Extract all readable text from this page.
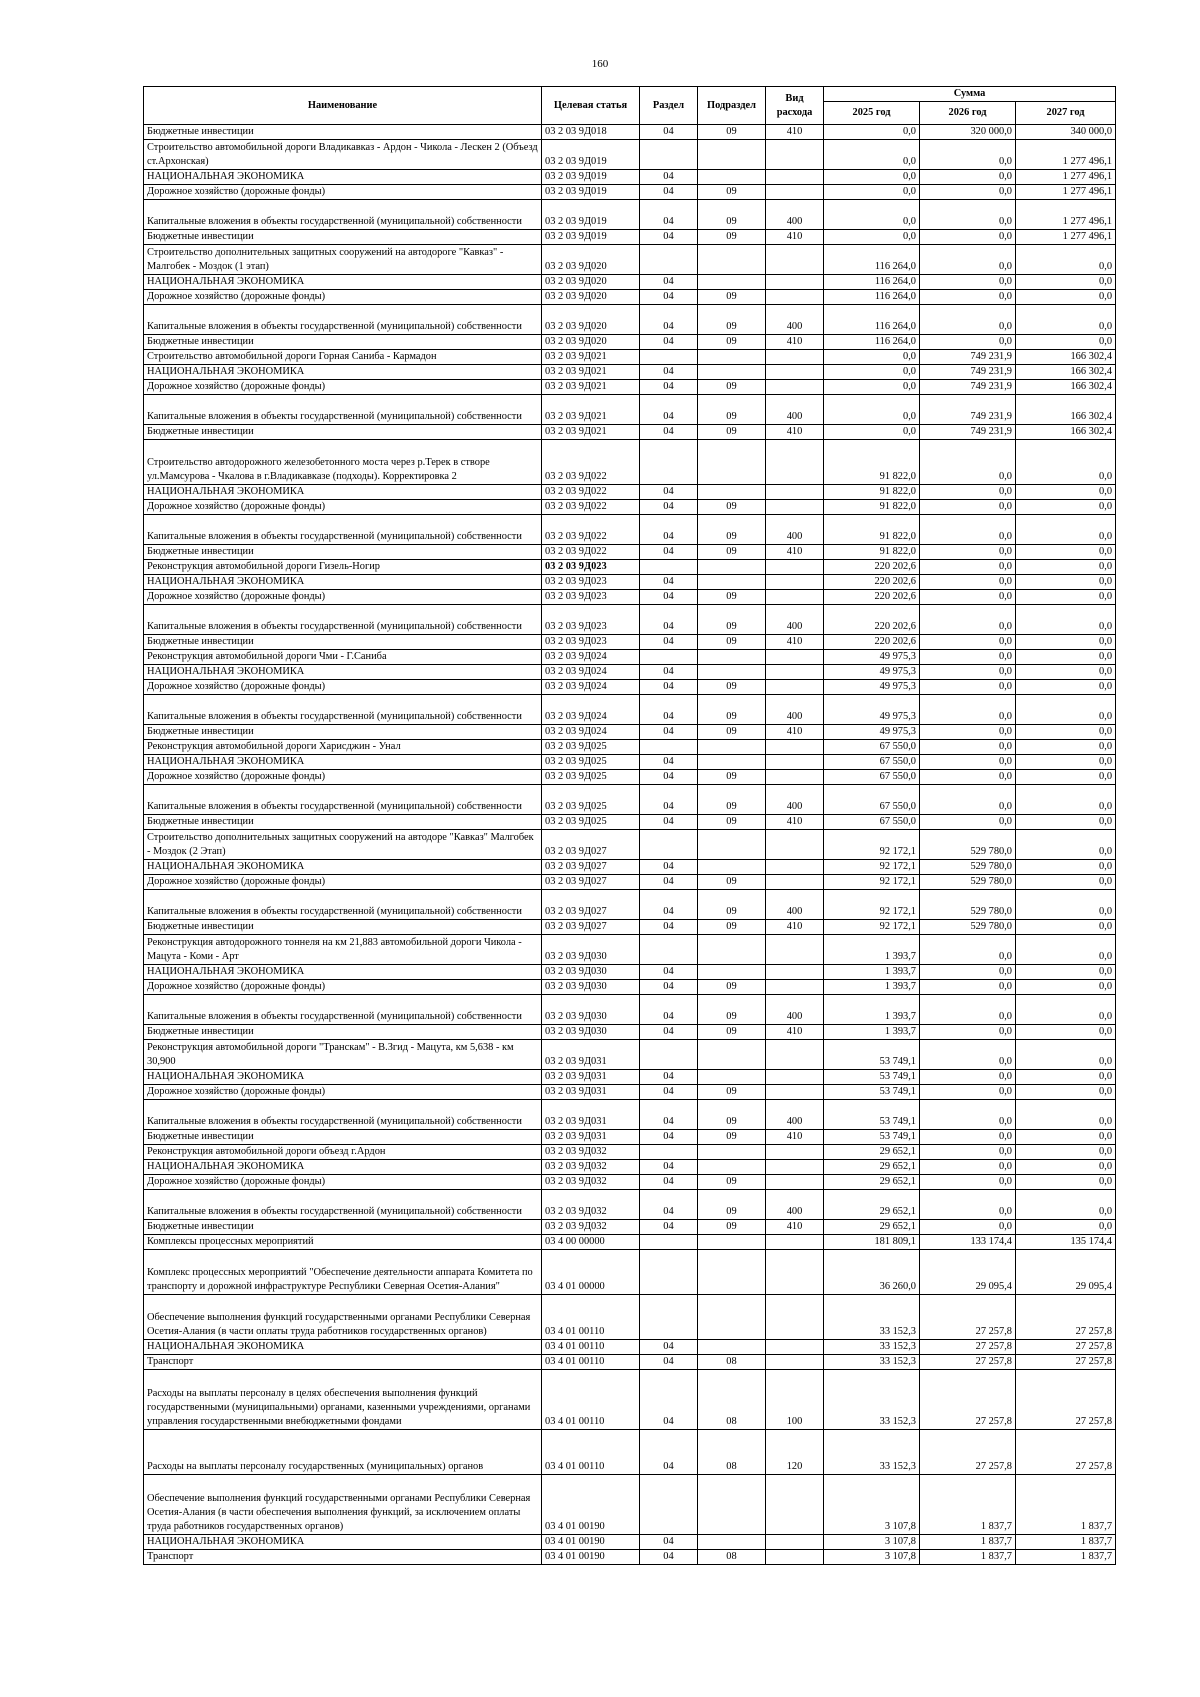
160
Наименование	Целевая статья	Раздел	Подраздел	Вид расхода	Сумма		
					2025 год	2026 год	2027 год
Бюджетные инвестиции	03 2 03 9Д018	04	09	410	0,0	320 000,0	340 000,0
Строительство автомобильной дороги Владикавказ - Ардон - Чикола - Лескен 2 (Объезд ст.Архонская)	03 2 03 9Д019				0,0	0,0	1 277 496,1
НАЦИОНАЛЬНАЯ ЭКОНОМИКА	03 2 03 9Д019	04			0,0	0,0	1 277 496,1
Дорожное хозяйство (дорожные фонды)	03 2 03 9Д019	04	09		0,0	0,0	1 277 496,1
Капитальные вложения в объекты государственной (муниципальной) собственности	03 2 03 9Д019	04	09	400	0,0	0,0	1 277 496,1
Бюджетные инвестиции	03 2 03 9Д019	04	09	410	0,0	0,0	1 277 496,1
Строительство дополнительных защитных сооружений на автодороге "Кавказ" - Малгобек - Моздок (1 этап)	03 2 03 9Д020				116 264,0	0,0	0,0
НАЦИОНАЛЬНАЯ ЭКОНОМИКА	03 2 03 9Д020	04			116 264,0	0,0	0,0
Дорожное хозяйство (дорожные фонды)	03 2 03 9Д020	04	09		116 264,0	0,0	0,0
Капитальные вложения в объекты государственной (муниципальной) собственности	03 2 03 9Д020	04	09	400	116 264,0	0,0	0,0
Бюджетные инвестиции	03 2 03 9Д020	04	09	410	116 264,0	0,0	0,0
Строительство автомобильной дороги Горная Саниба - Кармадон	03 2 03 9Д021				0,0	749 231,9	166 302,4
НАЦИОНАЛЬНАЯ ЭКОНОМИКА	03 2 03 9Д021	04			0,0	749 231,9	166 302,4
Дорожное хозяйство (дорожные фонды)	03 2 03 9Д021	04	09		0,0	749 231,9	166 302,4
Капитальные вложения в объекты государственной (муниципальной) собственности	03 2 03 9Д021	04	09	400	0,0	749 231,9	166 302,4
Бюджетные инвестиции	03 2 03 9Д021	04	09	410	0,0	749 231,9	166 302,4
Строительство автодорожного железобетонного моста через р.Терек в створе ул.Мамсурова - Чкалова в г.Владикавказе (подходы). Корректировка 2	03 2 03 9Д022				91 822,0	0,0	0,0
НАЦИОНАЛЬНАЯ ЭКОНОМИКА	03 2 03 9Д022	04			91 822,0	0,0	0,0
Дорожное хозяйство (дорожные фонды)	03 2 03 9Д022	04	09		91 822,0	0,0	0,0
Капитальные вложения в объекты государственной (муниципальной) собственности	03 2 03 9Д022	04	09	400	91 822,0	0,0	0,0
Бюджетные инвестиции	03 2 03 9Д022	04	09	410	91 822,0	0,0	0,0
Реконструкция автомобильной дороги Гизель-Ногир	03 2 03 9Д023				220 202,6	0,0	0,0
НАЦИОНАЛЬНАЯ ЭКОНОМИКА	03 2 03 9Д023	04			220 202,6	0,0	0,0
Дорожное хозяйство (дорожные фонды)	03 2 03 9Д023	04	09		220 202,6	0,0	0,0
Капитальные вложения в объекты государственной (муниципальной) собственности	03 2 03 9Д023	04	09	400	220 202,6	0,0	0,0
Бюджетные инвестиции	03 2 03 9Д023	04	09	410	220 202,6	0,0	0,0
Реконструкция автомобильной дороги Чми - Г.Саниба	03 2 03 9Д024				49 975,3	0,0	0,0
НАЦИОНАЛЬНАЯ ЭКОНОМИКА	03 2 03 9Д024	04			49 975,3	0,0	0,0
Дорожное хозяйство (дорожные фонды)	03 2 03 9Д024	04	09		49 975,3	0,0	0,0
Капитальные вложения в объекты государственной (муниципальной) собственности	03 2 03 9Д024	04	09	400	49 975,3	0,0	0,0
Бюджетные инвестиции	03 2 03 9Д024	04	09	410	49 975,3	0,0	0,0
Реконструкция автомобильной дороги Харисджин - Унал	03 2 03 9Д025				67 550,0	0,0	0,0
НАЦИОНАЛЬНАЯ ЭКОНОМИКА	03 2 03 9Д025	04			67 550,0	0,0	0,0
Дорожное хозяйство (дорожные фонды)	03 2 03 9Д025	04	09		67 550,0	0,0	0,0
Капитальные вложения в объекты государственной (муниципальной) собственности	03 2 03 9Д025	04	09	400	67 550,0	0,0	0,0
Бюджетные инвестиции	03 2 03 9Д025	04	09	410	67 550,0	0,0	0,0
Строительство дополнительных защитных сооружений на автодоре "Кавказ" Малгобек - Моздок (2 Этап)	03 2 03 9Д027				92 172,1	529 780,0	0,0
НАЦИОНАЛЬНАЯ ЭКОНОМИКА	03 2 03 9Д027	04			92 172,1	529 780,0	0,0
Дорожное хозяйство (дорожные фонды)	03 2 03 9Д027	04	09		92 172,1	529 780,0	0,0
Капитальные вложения в объекты государственной (муниципальной) собственности	03 2 03 9Д027	04	09	400	92 172,1	529 780,0	0,0
Бюджетные инвестиции	03 2 03 9Д027	04	09	410	92 172,1	529 780,0	0,0
Реконструкция автодорожного тоннеля на км 21,883 автомобильной дороги Чикола - Мацута - Коми - Арт	03 2 03 9Д030				1 393,7	0,0	0,0
НАЦИОНАЛЬНАЯ ЭКОНОМИКА	03 2 03 9Д030	04			1 393,7	0,0	0,0
Дорожное хозяйство (дорожные фонды)	03 2 03 9Д030	04	09		1 393,7	0,0	0,0
Капитальные вложения в объекты государственной (муниципальной) собственности	03 2 03 9Д030	04	09	400	1 393,7	0,0	0,0
Бюджетные инвестиции	03 2 03 9Д030	04	09	410	1 393,7	0,0	0,0
Реконструкция автомобильной дороги "Транскам" - В.Згид - Мацута, км 5,638 - км 30,900	03 2 03 9Д031				53 749,1	0,0	0,0
НАЦИОНАЛЬНАЯ ЭКОНОМИКА	03 2 03 9Д031	04			53 749,1	0,0	0,0
Дорожное хозяйство (дорожные фонды)	03 2 03 9Д031	04	09		53 749,1	0,0	0,0
Капитальные вложения в объекты государственной (муниципальной) собственности	03 2 03 9Д031	04	09	400	53 749,1	0,0	0,0
Бюджетные инвестиции	03 2 03 9Д031	04	09	410	53 749,1	0,0	0,0
Реконструкция автомобильной дороги объезд г.Ардон	03 2 03 9Д032				29 652,1	0,0	0,0
НАЦИОНАЛЬНАЯ ЭКОНОМИКА	03 2 03 9Д032	04			29 652,1	0,0	0,0
Дорожное хозяйство (дорожные фонды)	03 2 03 9Д032	04	09		29 652,1	0,0	0,0
Капитальные вложения в объекты государственной (муниципальной) собственности	03 2 03 9Д032	04	09	400	29 652,1	0,0	0,0
Бюджетные инвестиции	03 2 03 9Д032	04	09	410	29 652,1	0,0	0,0
Комплексы процессных мероприятий	03 4 00 00000				181 809,1	133 174,4	135 174,4
Комплекс процессных мероприятий "Обеспечение деятельности аппарата Комитета по транспорту и дорожной инфраструктуре Республики Северная Осетия-Алания"	03 4 01 00000				36 260,0	29 095,4	29 095,4
Обеспечение выполнения функций государственными органами Республики Северная Осетия-Алания (в части оплаты труда работников государственных органов)	03 4 01 00110				33 152,3	27 257,8	27 257,8
НАЦИОНАЛЬНАЯ ЭКОНОМИКА	03 4 01 00110	04			33 152,3	27 257,8	27 257,8
Транспорт	03 4 01 00110	04	08		33 152,3	27 257,8	27 257,8
Расходы на выплаты персоналу в целях обеспечения выполнения функций государственными (муниципальными) органами, казенными учреждениями, органами управления государственными внебюджетными фондами	03 4 01 00110	04	08	100	33 152,3	27 257,8	27 257,8
Расходы на выплаты персоналу государственных (муниципальных) органов	03 4 01 00110	04	08	120	33 152,3	27 257,8	27 257,8
Обеспечение выполнения функций государственными органами Республики Северная Осетия-Алания (в части обеспечения выполнения функций, за исключением оплаты труда работников государственных органов)	03 4 01 00190				3 107,8	1 837,7	1 837,7
НАЦИОНАЛЬНАЯ ЭКОНОМИКА	03 4 01 00190	04			3 107,8	1 837,7	1 837,7
Транспорт	03 4 01 00190	04	08		3 107,8	1 837,7	1 837,7
